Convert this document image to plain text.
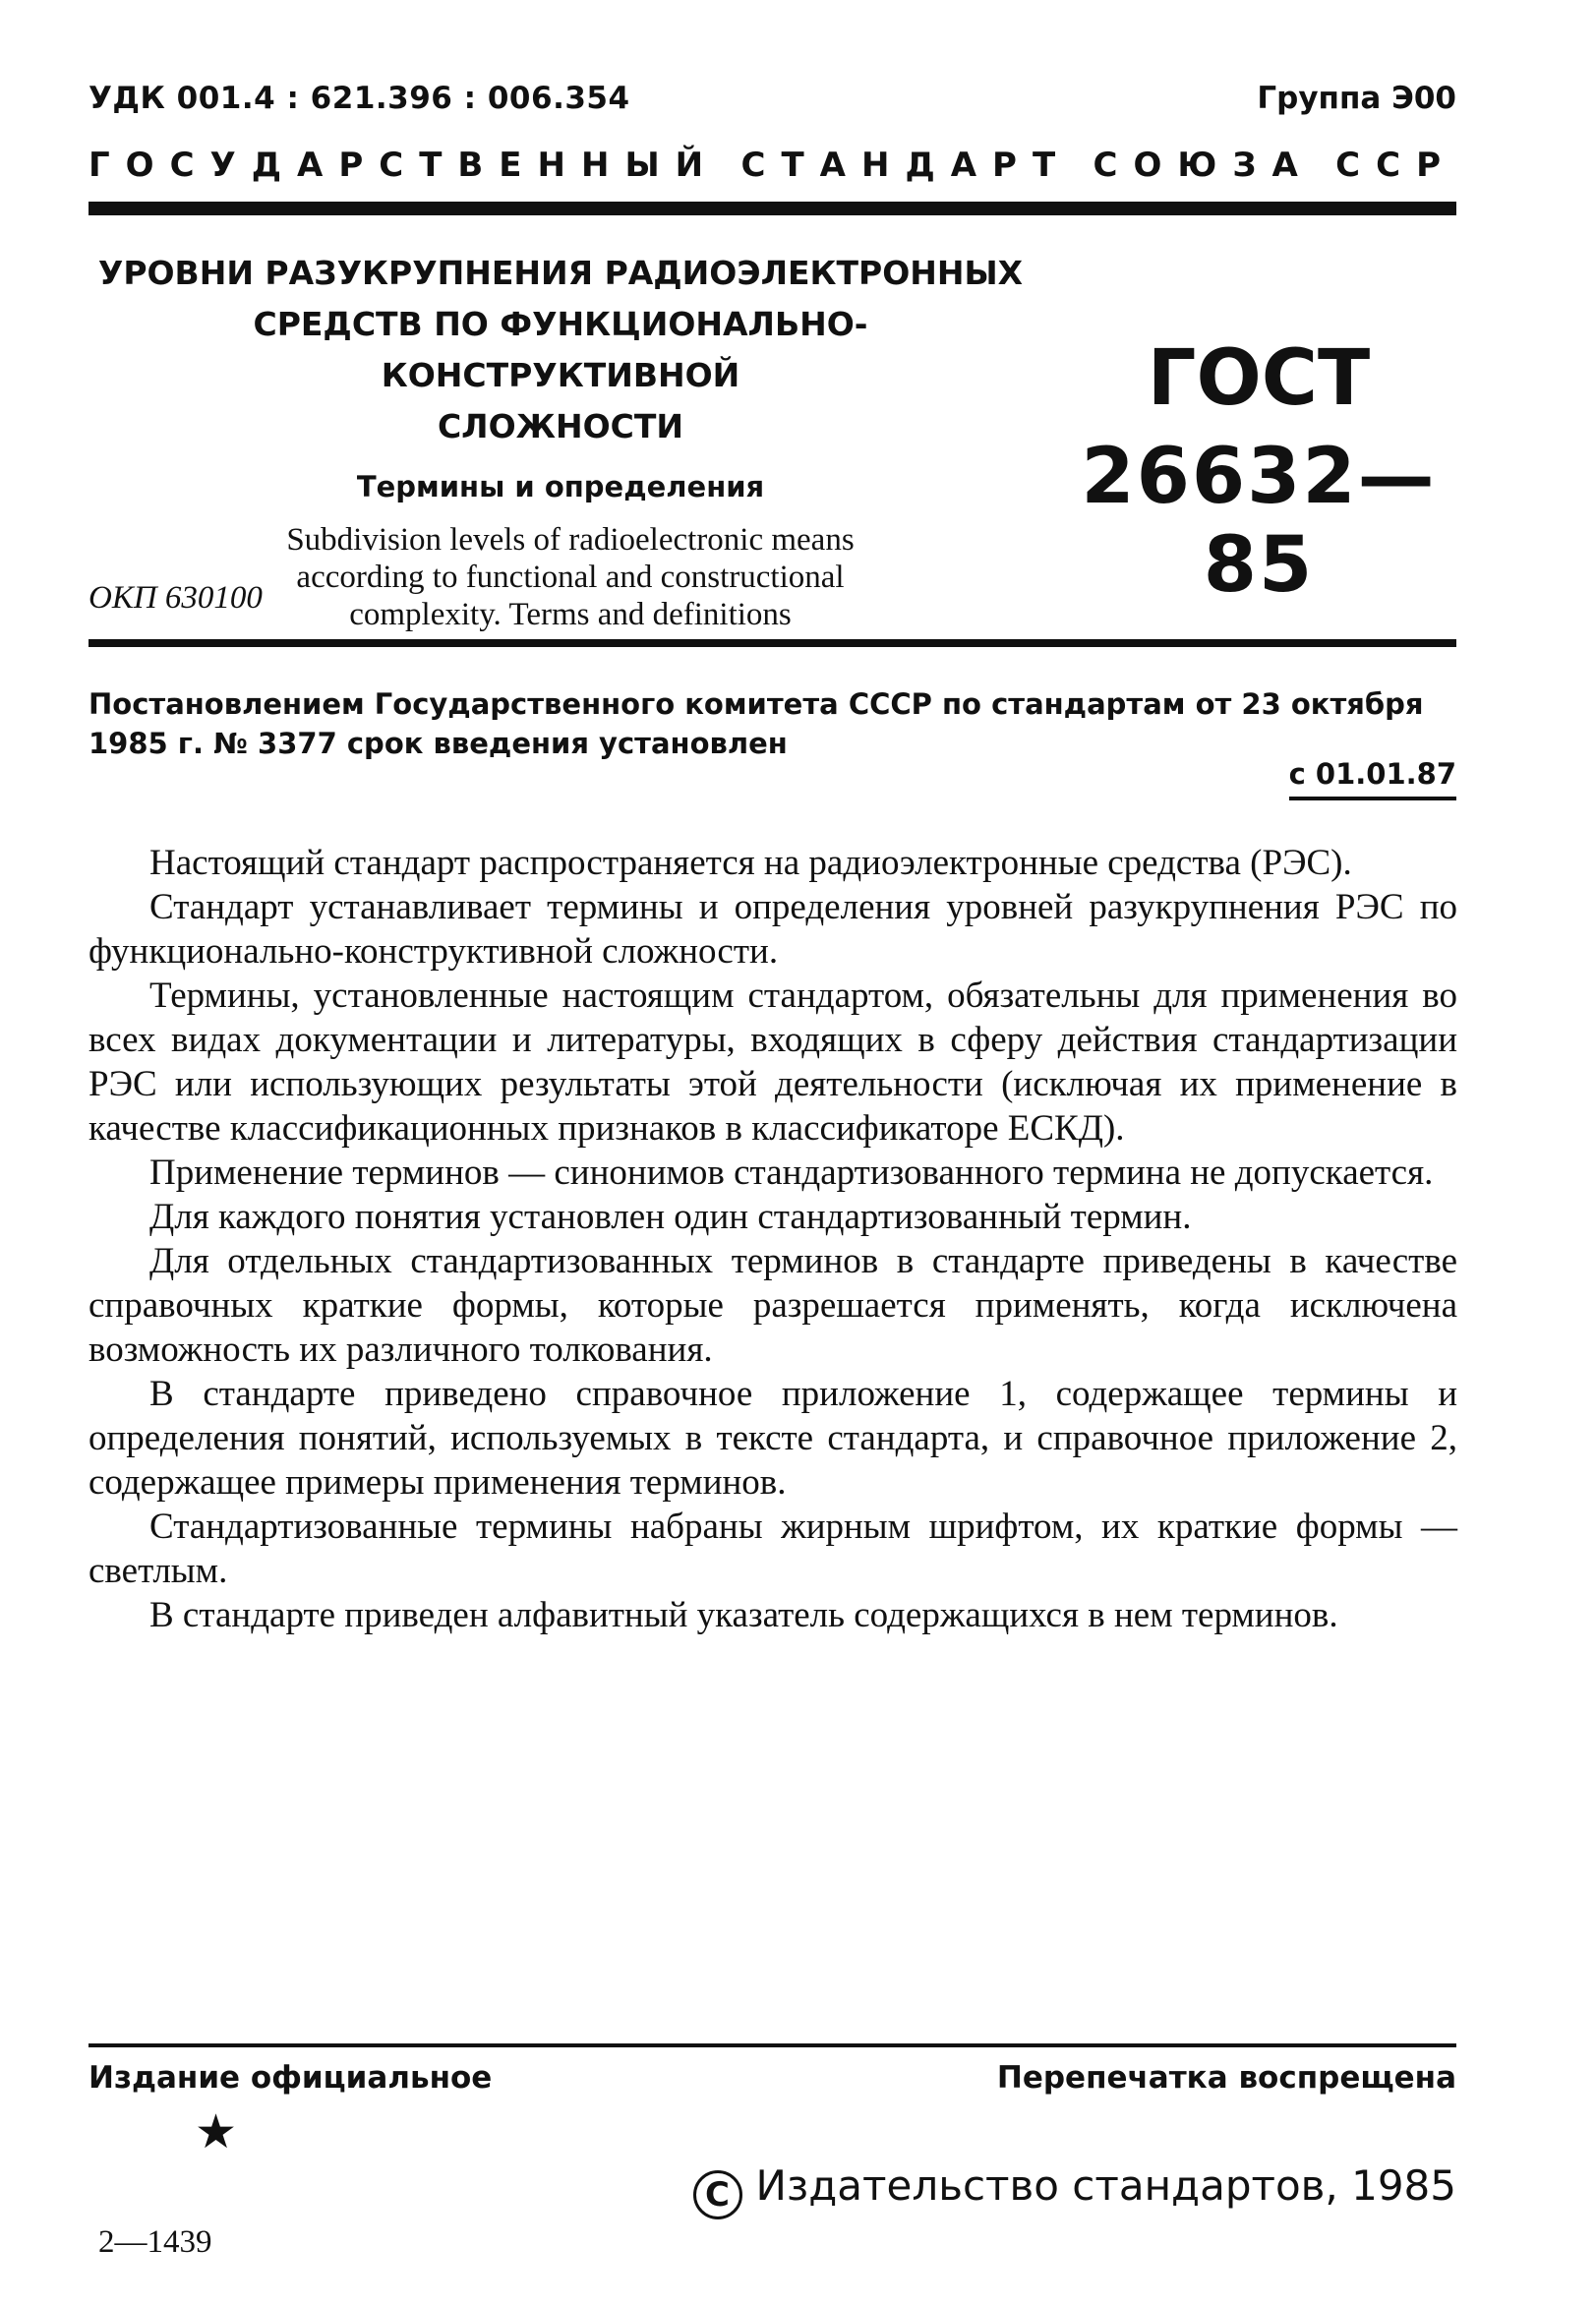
УДК 001.4 : 621.396 : 006.354	Группа Э00
ГОСУДАРСТВЕННЫЙ СТАНДАРТ СОЮЗА ССР
УРОВНИ РАЗУКРУПНЕНИЯ РАДИОЭЛЕКТРОННЫХ
СРЕДСТВ ПО ФУНКЦИОНАЛЬНО-КОНСТРУКТИВНОЙ
СЛОЖНОСТИ
Термины и определения
Subdivision levels of radioelectronic means
according to functional and constructional
complexity. Terms and definitions
ГОСТ
26632—85
ОКП 630100
Постановлением Государственного комитета СССР по стандартам от 23 октября 1985 г. № 3377 срок введения установлен
с 01.01.87

Настоящий стандарт распространяется на радиоэлектронные средства (РЭС).

Стандарт устанавливает термины и определения уровней разукрупнения РЭС по функционально-конструктивной сложности.

Термины, установленные настоящим стандартом, обязательны для применения во всех видах документации и литературы, входящих в сферу действия стандартизации РЭС или использующих результаты этой деятельности (исключая их применение в качестве классификационных признаков в классификаторе ЕСКД).

Применение терминов — синонимов стандартизованного термина не допускается.

Для каждого понятия установлен один стандартизованный термин.

Для отдельных стандартизованных терминов в стандарте приведены в качестве справочных краткие формы, которые разрешается применять, когда исключена возможность их различного толкования.

В стандарте приведено справочное приложение 1, содержащее термины и определения понятий, используемых в тексте стандарта, и справочное приложение 2, содержащее примеры применения терминов.

Стандартизованные термины набраны жирным шрифтом, их краткие формы — светлым.

В стандарте приведен алфавитный указатель содержащихся в нем терминов.

Издание официальное	Перепечатка воспрещена
★
C Издательство стандартов, 1985
2—1439
